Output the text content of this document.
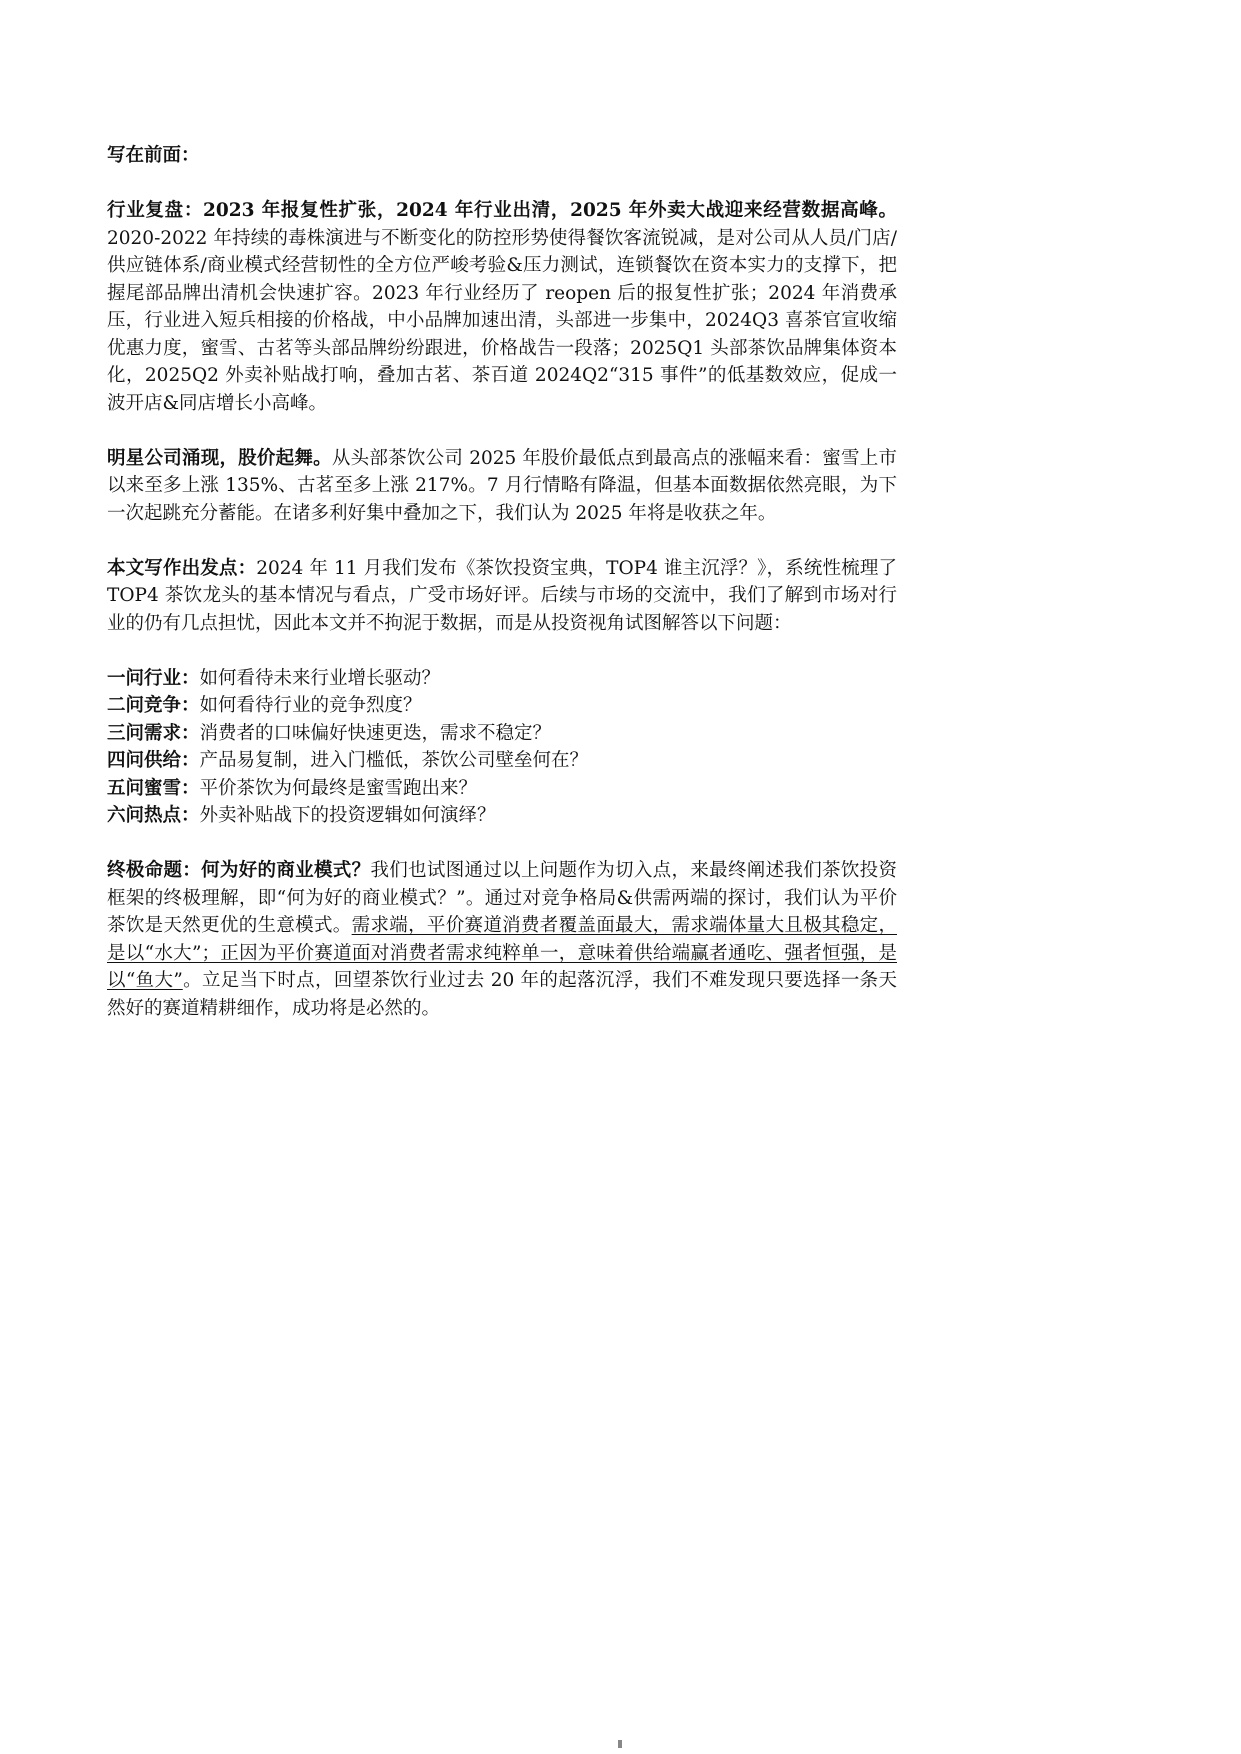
写在前面：

行业复盘：2023 年报复性扩张，2024 年行业出清，2025 年外卖大战迎来经营数据高峰。2020-2022 年持续的毒株演进与不断变化的防控形势使得餐饮客流锐减，是对公司从人员/门店/供应链体系/商业模式经营韧性的全方位严峻考验&压力测试，连锁餐饮在资本实力的支撑下，把握尾部品牌出清机会快速扩容。2023 年行业经历了 reopen 后的报复性扩张；2024 年消费承压，行业进入短兵相接的价格战，中小品牌加速出清，头部进一步集中，2024Q3 喜茶官宣收缩优惠力度，蜜雪、古茗等头部品牌纷纷跟进，价格战告一段落；2025Q1 头部茶饮品牌集体资本化，2025Q2 外卖补贴战打响，叠加古茗、茶百道 2024Q2“315 事件”的低基数效应，促成一波开店&同店增长小高峰。

明星公司涌现，股价起舞。从头部茶饮公司 2025 年股价最低点到最高点的涨幅来看：蜜雪上市以来至多上涨 135%、古茗至多上涨 217%。7 月行情略有降温，但基本面数据依然亮眼，为下一次起跳充分蓄能。在诸多利好集中叠加之下，我们认为 2025 年将是收获之年。

本文写作出发点：2024 年 11 月我们发布《茶饮投资宝典，TOP4 谁主沉浮？》，系统性梳理了 TOP4 茶饮龙头的基本情况与看点，广受市场好评。后续与市场的交流中，我们了解到市场对行业的仍有几点担忧，因此本文并不拘泥于数据，而是从投资视角试图解答以下问题：

一问行业：如何看待未来行业增长驱动？
二问竞争：如何看待行业的竞争烈度？
三问需求：消费者的口味偏好快速更迭，需求不稳定？
四问供给：产品易复制，进入门槛低，茶饮公司壁垒何在？
五问蜜雪：平价茶饮为何最终是蜜雪跑出来？
六问热点：外卖补贴战下的投资逻辑如何演绎？

终极命题：何为好的商业模式？我们也试图通过以上问题作为切入点，来最终阐述我们茶饮投资框架的终极理解，即“何为好的商业模式？”。通过对竞争格局&供需两端的探讨，我们认为平价茶饮是天然更优的生意模式。需求端，平价赛道消费者覆盖面最大，需求端体量大且极其稳定，是以“水大”；正因为平价赛道面对消费者需求纯粹单一，意味着供给端赢者通吃、强者恒强，是以“鱼大”。立足当下时点，回望茶饮行业过去 20 年的起落沉浮，我们不难发现只要选择一条天然好的赛道精耕细作，成功将是必然的。
